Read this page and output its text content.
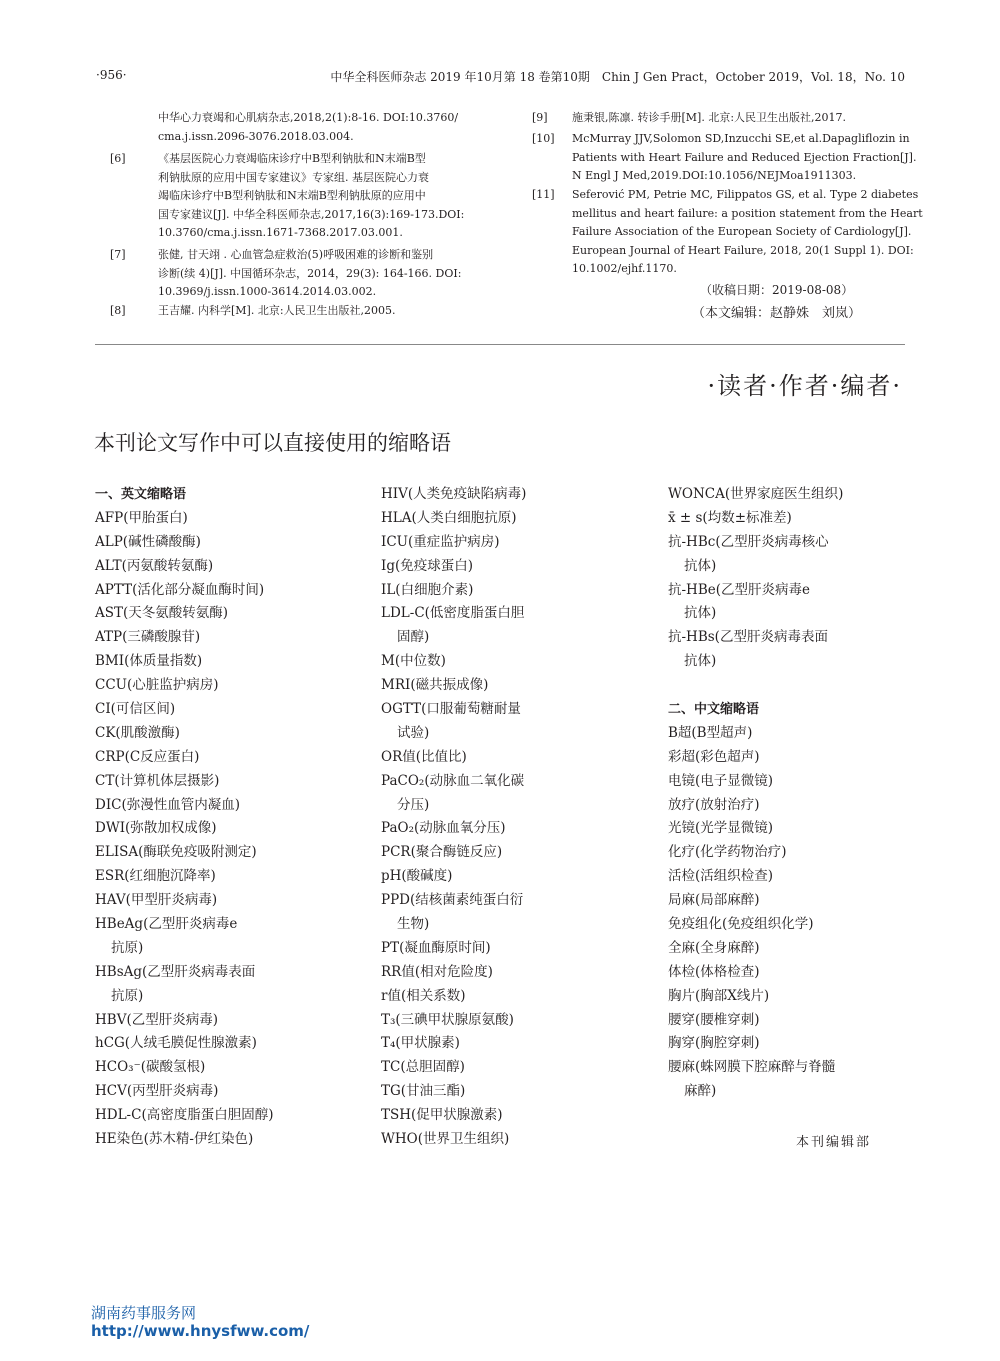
·956·	中华全科医师杂志 2019 年10月第 18 卷第10期　Chin J Gen Pract，October 2019，Vol. 18，No. 10
中华心力衰竭和心肌病杂志,2018,2(1):8-16. DOI:10.3760/
cma.j.issn.2096-3076.2018.03.004.
[6]	《基层医院心力衰竭临床诊疗中B型利钠肽和N末端B型
利钠肽原的应用中国专家建议》专家组. 基层医院心力衰
竭临床诊疗中B型利钠肽和N末端B型利钠肽原的应用中
国专家建议[J]. 中华全科医师杂志,2017,16(3):169-173.DOI:
10.3760/cma.j.issn.1671-7368.2017.03.001.
[7]	张健, 甘天翊 . 心血管急症救治(5)呼吸困难的诊断和鉴别
诊断(续 4)[J]. 中国循环杂志，2014，29(3): 164-166. DOI:
10.3969/j.issn.1000-3614.2014.03.002.
[8]	王吉耀. 内科学[M]. 北京:人民卫生出版社,2005.
[9] 施秉银,陈凛. 转诊手册[M]. 北京:人民卫生出版社,2017.
[10] McMurray JJV,Solomon SD,Inzucchi SE,et al.Dapagliflozin in
Patients with Heart Failure and Reduced Ejection Fraction[J].
N Engl J Med,2019.DOI:10.1056/NEJMoa1911303.
[11] Seferović PM, Petrie MC, Filippatos GS, et al. Type 2 diabetes
mellitus and heart failure: a position statement from the Heart
Failure Association of the European Society of Cardiology[J].
European Journal of Heart Failure, 2018, 20(1 Suppl 1). DOI:
10.1002/ejhf.1170.
（收稿日期：2019-08-08）
（本文编辑：赵静姝　刘岚）
·读者·作者·编者·
本刊论文写作中可以直接使用的缩略语
一、英文缩略语
AFP(甲胎蛋白)
ALP(碱性磷酸酶)
ALT(丙氨酸转氨酶)
APTT(活化部分凝血酶时间)
AST(天冬氨酸转氨酶)
ATP(三磷酸腺苷)
BMI(体质量指数)
CCU(心脏监护病房)
CI(可信区间)
CK(肌酸激酶)
CRP(C反应蛋白)
CT(计算机体层摄影)
DIC(弥漫性血管内凝血)
DWI(弥散加权成像)
ELISA(酶联免疫吸附测定)
ESR(红细胞沉降率)
HAV(甲型肝炎病毒)
HBeAg(乙型肝炎病毒e
抗原)
HBsAg(乙型肝炎病毒表面
抗原)
HBV(乙型肝炎病毒)
hCG(人绒毛膜促性腺激素)
HCO₃⁻(碳酸氢根)
HCV(丙型肝炎病毒)
HDL-C(高密度脂蛋白胆固醇)
HE染色(苏木精-伊红染色)
HIV(人类免疫缺陷病毒)
HLA(人类白细胞抗原)
ICU(重症监护病房)
Ig(免疫球蛋白)
IL(白细胞介素)
LDL-C(低密度脂蛋白胆
固醇)
M(中位数)
MRI(磁共振成像)
OGTT(口服葡萄糖耐量
试验)
OR值(比值比)
PaCO₂(动脉血二氧化碳
分压)
PaO₂(动脉血氧分压)
PCR(聚合酶链反应)
pH(酸碱度)
PPD(结核菌素纯蛋白衍
生物)
PT(凝血酶原时间)
RR值(相对危险度)
r值(相关系数)
T₃(三碘甲状腺原氨酸)
T₄(甲状腺素)
TC(总胆固醇)
TG(甘油三酯)
TSH(促甲状腺激素)
WHO(世界卫生组织)
WONCA(世界家庭医生组织)
x̄ ± s(均数±标准差)
抗-HBc(乙型肝炎病毒核心
抗体)
抗-HBe(乙型肝炎病毒e
抗体)
抗-HBs(乙型肝炎病毒表面
抗体)
二、中文缩略语
B超(B型超声)
彩超(彩色超声)
电镜(电子显微镜)
放疗(放射治疗)
光镜(光学显微镜)
化疗(化学药物治疗)
活检(活组织检查)
局麻(局部麻醉)
免疫组化(免疫组织化学)
全麻(全身麻醉)
体检(体格检查)
胸片(胸部X线片)
腰穿(腰椎穿刺)
胸穿(胸腔穿刺)
腰麻(蛛网膜下腔麻醉与脊髓
麻醉)
本刊编辑部
湖南药事服务网
http://www.hnysfww.com/
